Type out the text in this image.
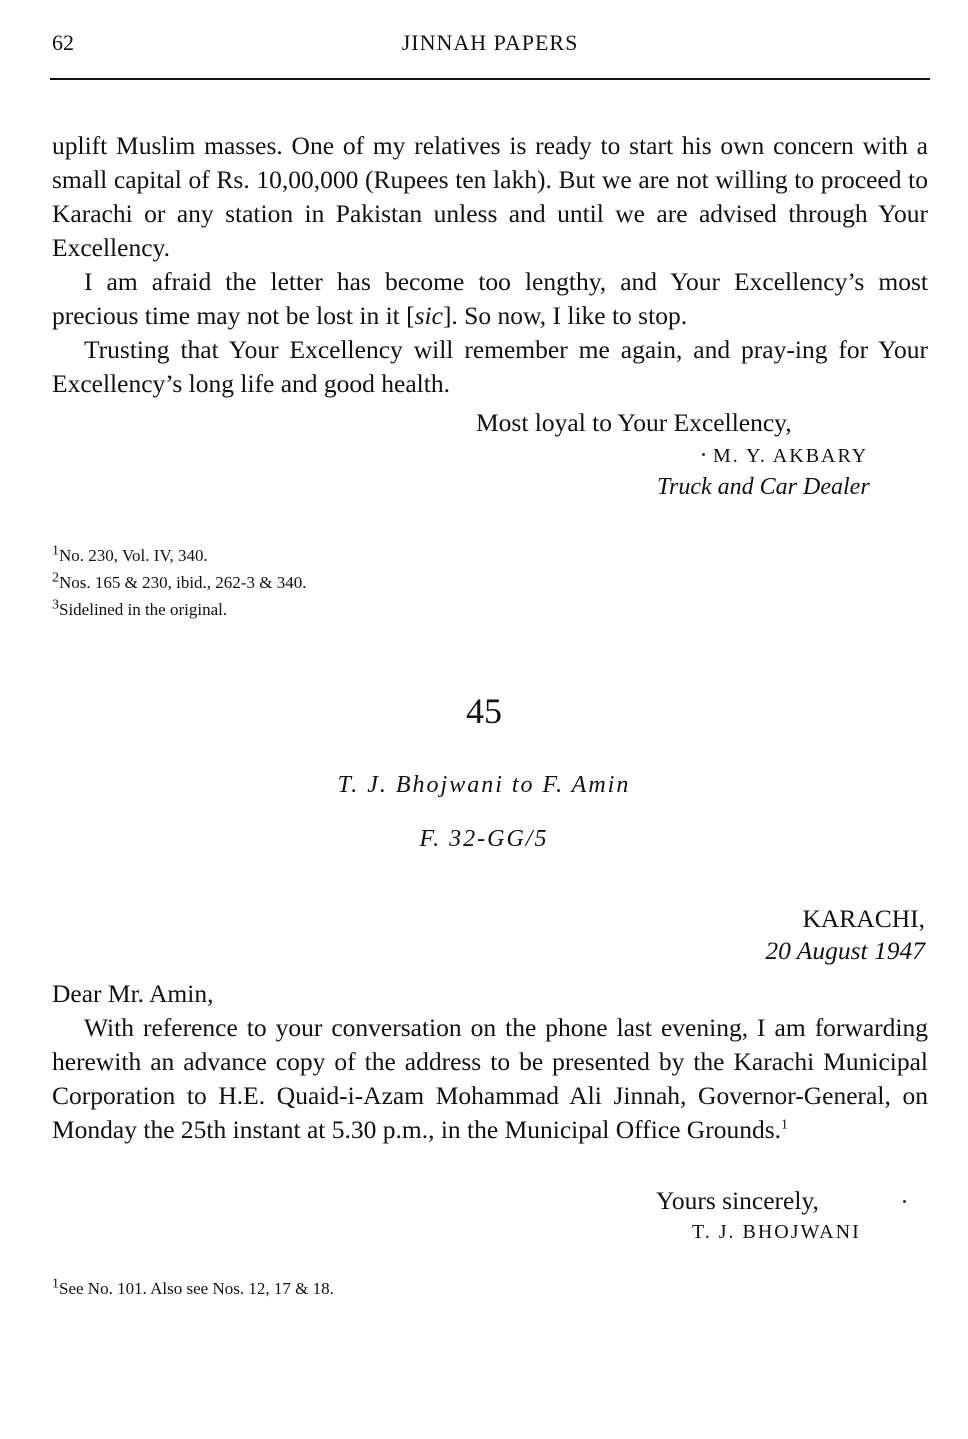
62	JINNAH PAPERS

uplift Muslim masses. One of my relatives is ready to start his own concern with a small capital of Rs. 10,00,000 (Rupees ten lakh). But we are not willing to proceed to Karachi or any station in Pakistan unless and until we are advised through Your Excellency.

I am afraid the letter has become too lengthy, and Your Excellency’s most precious time may not be lost in it [sic]. So now, I like to stop.

Trusting that Your Excellency will remember me again, and pray-ing for Your Excellency’s long life and good health.

Most loyal to Your Excellency,
M. Y. AKBARY
Truck and Car Dealer
$^1$No. 230, Vol. IV, 340.
$^2$Nos. 165 & 230, ibid., 262-3 & 340.
$^3$Sidelined in the original.
45
T. J. Bhojwani to F. Amin
F. 32-GG/5
KARACHI,
20 August 1947

Dear Mr. Amin,

With reference to your conversation on the phone last evening, I am forwarding herewith an advance copy of the address to be presented by the Karachi Municipal Corporation to H.E. Quaid-i-Azam Mohammad Ali Jinnah, Governor-General, on Monday the 25th instant at 5.30 p.m., in the Municipal Office Grounds.$^1$

Yours sincerely,
T. J. BHOJWANI
$^1$See No. 101. Also see Nos. 12, 17 & 18.
